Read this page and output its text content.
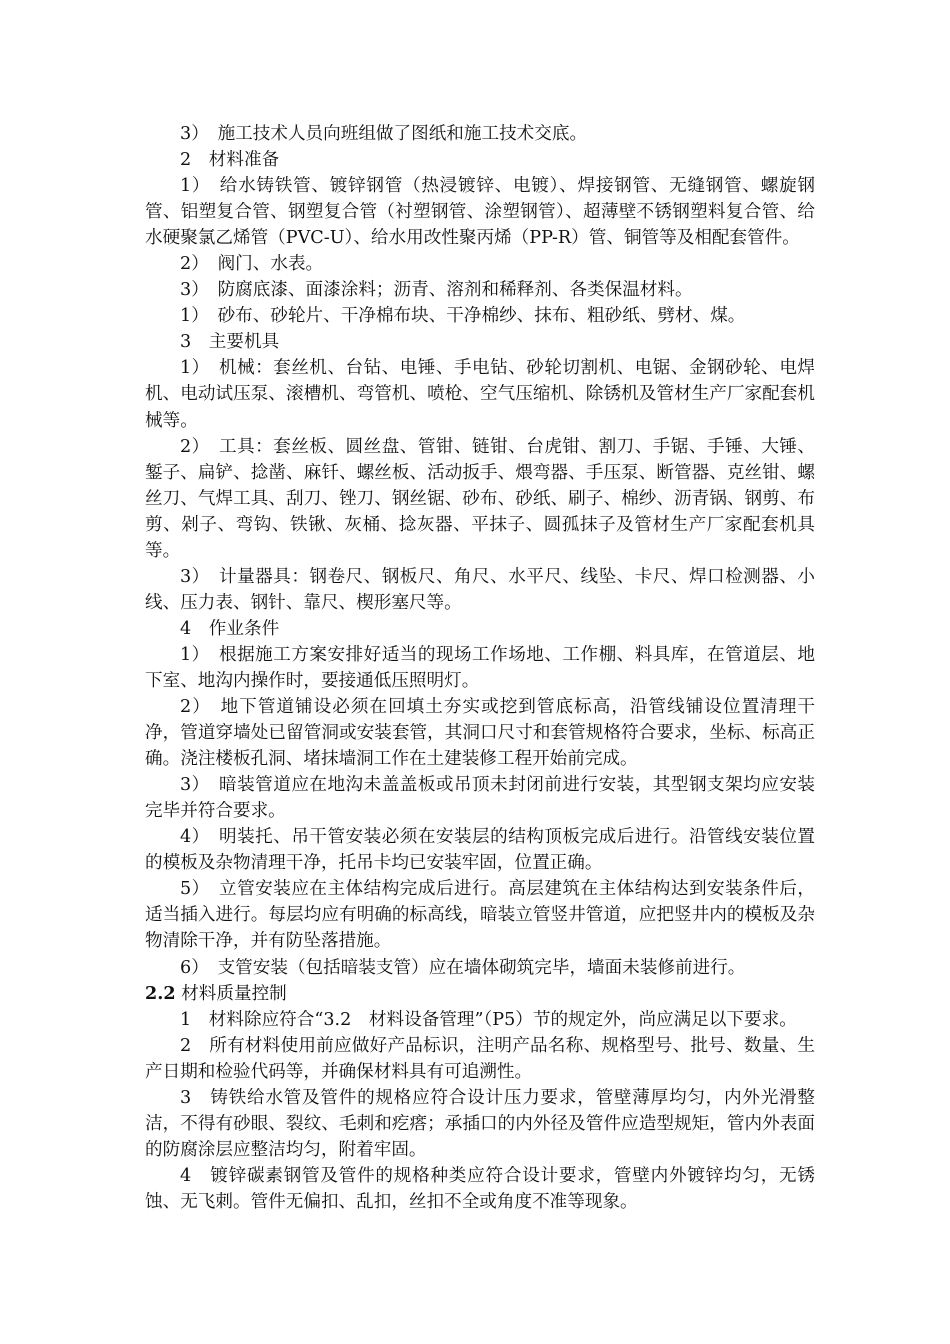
3）　施工技术人员向班组做了图纸和施工技术交底。

2　材料准备

1）　给水铸铁管、镀锌钢管（热浸镀锌、电镀）、焊接钢管、无缝钢管、螺旋钢管、铝塑复合管、钢塑复合管（衬塑钢管、涂塑钢管）、超薄壁不锈钢塑料复合管、给水硬聚氯乙烯管（PVC-U）、给水用改性聚丙烯（PP-R）管、铜管等及相配套管件。

2）　阀门、水表。

3）　防腐底漆、面漆涂料；沥青、溶剂和稀释剂、各类保温材料。

1）　砂布、砂轮片、干净棉布块、干净棉纱、抹布、粗砂纸、劈材、煤。

3　主要机具

1）　机械：套丝机、台钻、电锤、手电钻、砂轮切割机、电锯、金钢砂轮、电焊机、电动试压泵、滚槽机、弯管机、喷枪、空气压缩机、除锈机及管材生产厂家配套机械等。

2）　工具：套丝板、圆丝盘、管钳、链钳、台虎钳、割刀、手锯、手锤、大锤、錾子、扁铲、捻凿、麻钎、螺丝板、活动扳手、煨弯器、手压泵、断管器、克丝钳、螺丝刀、气焊工具、刮刀、锉刀、钢丝锯、砂布、砂纸、刷子、棉纱、沥青锅、钢剪、布剪、剁子、弯钩、铁锹、灰桶、捻灰器、平抹子、圆孤抹子及管材生产厂家配套机具等。

3）　计量器具：钢卷尺、钢板尺、角尺、水平尺、线坠、卡尺、焊口检测器、小线、压力表、钢针、靠尺、楔形塞尺等。

4　作业条件

1）　根据施工方案安排好适当的现场工作场地、工作棚、料具库，在管道层、地下室、地沟内操作时，要接通低压照明灯。

2）　地下管道铺设必须在回填土夯实或挖到管底标高，沿管线铺设位置清理干净，管道穿墙处已留管洞或安装套管，其洞口尺寸和套管规格符合要求，坐标、标高正确。浇注楼板孔洞、堵抹墙洞工作在土建装修工程开始前完成。

3）　暗装管道应在地沟未盖盖板或吊顶未封闭前进行安装，其型钢支架均应安装完毕并符合要求。

4）　明装托、吊干管安装必须在安装层的结构顶板完成后进行。沿管线安装位置的模板及杂物清理干净，托吊卡均已安装牢固，位置正确。

5）　立管安装应在主体结构完成后进行。高层建筑在主体结构达到安装条件后，适当插入进行。每层均应有明确的标高线，暗装立管竖井管道，应把竖井内的模板及杂物清除干净，并有防坠落措施。

6）　支管安装（包括暗装支管）应在墙体砌筑完毕，墙面未装修前进行。

2.2 材料质量控制

1　材料除应符合“3.2　材料设备管理”（P5）节的规定外，尚应满足以下要求。

2　所有材料使用前应做好产品标识，注明产品名称、规格型号、批号、数量、生产日期和检验代码等，并确保材料具有可追溯性。

3　铸铁给水管及管件的规格应符合设计压力要求，管壁薄厚均匀，内外光滑整洁，不得有砂眼、裂纹、毛刺和疙瘩；承插口的内外径及管件应造型规矩，管内外表面的防腐涂层应整洁均匀，附着牢固。

4　镀锌碳素钢管及管件的规格种类应符合设计要求，管壁内外镀锌均匀，无锈蚀、无飞刺。管件无偏扣、乱扣，丝扣不全或角度不准等现象。
